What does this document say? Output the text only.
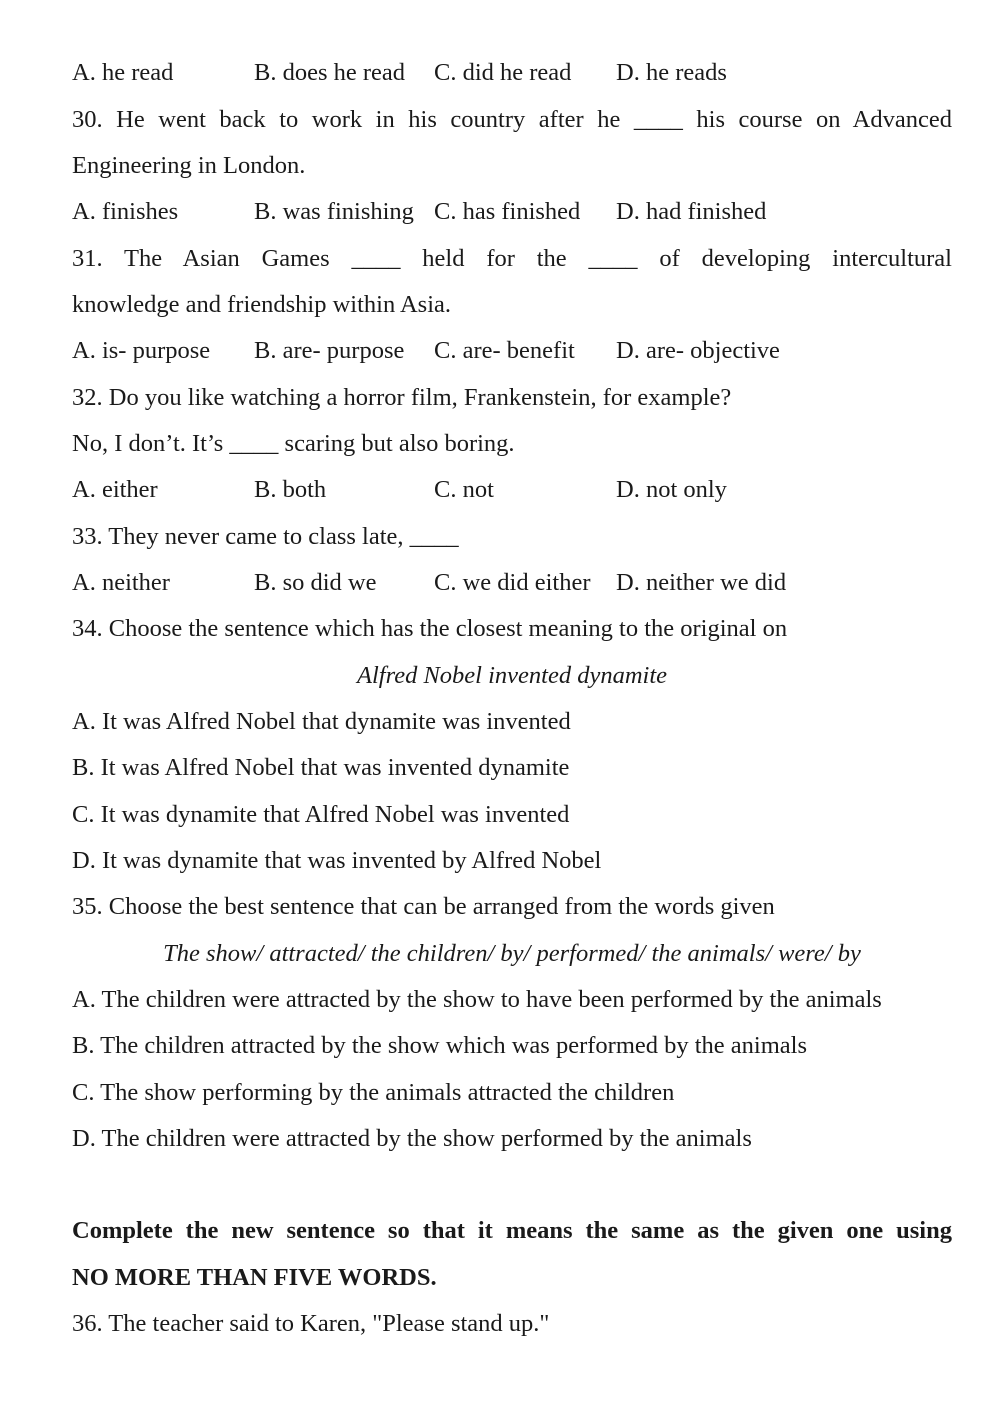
A. he read	B. does he read C. did he read D. he reads
30. He went back to work in his country after he ____ his course on Advanced
Engineering in London.
A. finishes	B. was finishing C. has finished D. had finished
31. The Asian Games ____ held for the ____ of developing intercultural
knowledge and friendship within Asia.
A. is- purpose B. are- purpose C. are- benefit D. are- objective
32. Do you like watching a horror film, Frankenstein, for example?
No, I don’t. It’s ____ scaring but also boring.
A. either	B. both	C. not	D. not only
33. They never came to class late, ____
A. neither	B. so did we C. we did either D. neither we did
34. Choose the sentence which has the closest meaning to the original on
Alfred Nobel invented dynamite
A. It was Alfred Nobel that dynamite was invented
B. It was Alfred Nobel that was invented dynamite
C. It was dynamite that Alfred Nobel was invented
D. It was dynamite that was invented by Alfred Nobel
35. Choose the best sentence that can be arranged from the words given
The show/ attracted/ the children/ by/ performed/ the animals/ were/ by
A. The children were attracted by the show to have been performed by the animals
B. The children attracted by the show which was performed by the animals
C. The show performing by the animals attracted the children
D. The children were attracted by the show performed by the animals
Complete the new sentence so that it means the same as the given one using
NO MORE THAN FIVE WORDS.
36. The teacher said to Karen, "Please stand up."
